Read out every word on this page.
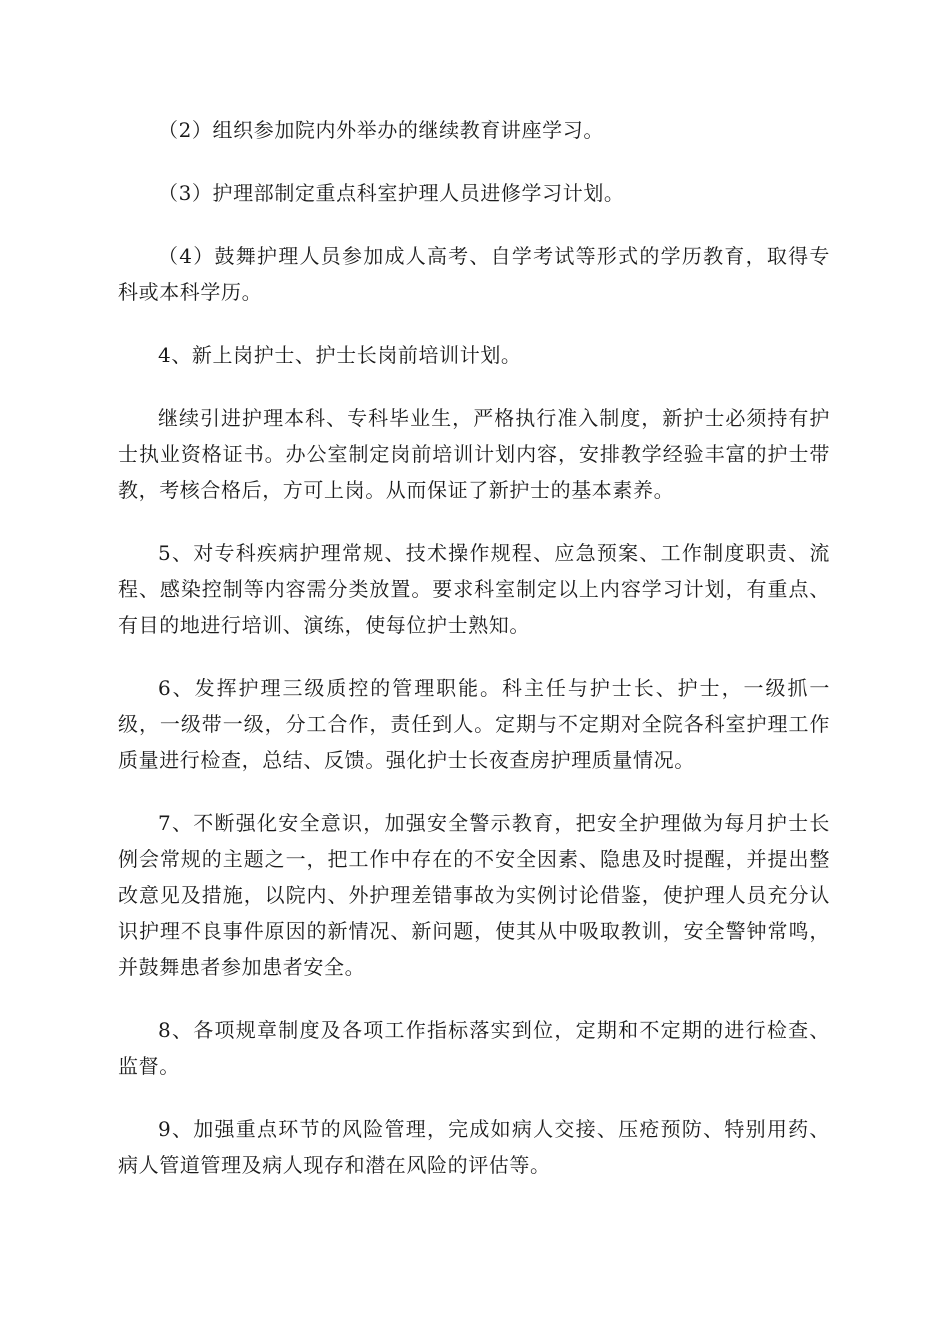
（2）组织参加院内外举办的继续教育讲座学习。

（3）护理部制定重点科室护理人员进修学习计划。

（4）鼓舞护理人员参加成人高考、自学考试等形式的学历教育，取得专科或本科学历。

4、新上岗护士、护士长岗前培训计划。

继续引进护理本科、专科毕业生，严格执行准入制度，新护士必须持有护士执业资格证书。办公室制定岗前培训计划内容，安排教学经验丰富的护士带教，考核合格后，方可上岗。从而保证了新护士的基本素养。

5、对专科疾病护理常规、技术操作规程、应急预案、工作制度职责、流程、感染控制等内容需分类放置。要求科室制定以上内容学习计划，有重点、有目的地进行培训、演练，使每位护士熟知。

6、发挥护理三级质控的管理职能。科主任与护士长、护士，一级抓一级，一级带一级，分工合作，责任到人。定期与不定期对全院各科室护理工作质量进行检查，总结、反馈。强化护士长夜查房护理质量情况。

7、不断强化安全意识，加强安全警示教育，把安全护理做为每月护士长例会常规的主题之一，把工作中存在的不安全因素、隐患及时提醒，并提出整改意见及措施，以院内、外护理差错事故为实例讨论借鉴，使护理人员充分认识护理不良事件原因的新情况、新问题，使其从中吸取教训，安全警钟常鸣，并鼓舞患者参加患者安全。

8、各项规章制度及各项工作指标落实到位，定期和不定期的进行检查、监督。

9、加强重点环节的风险管理，完成如病人交接、压疮预防、特别用药、病人管道管理及病人现存和潜在风险的评估等。
